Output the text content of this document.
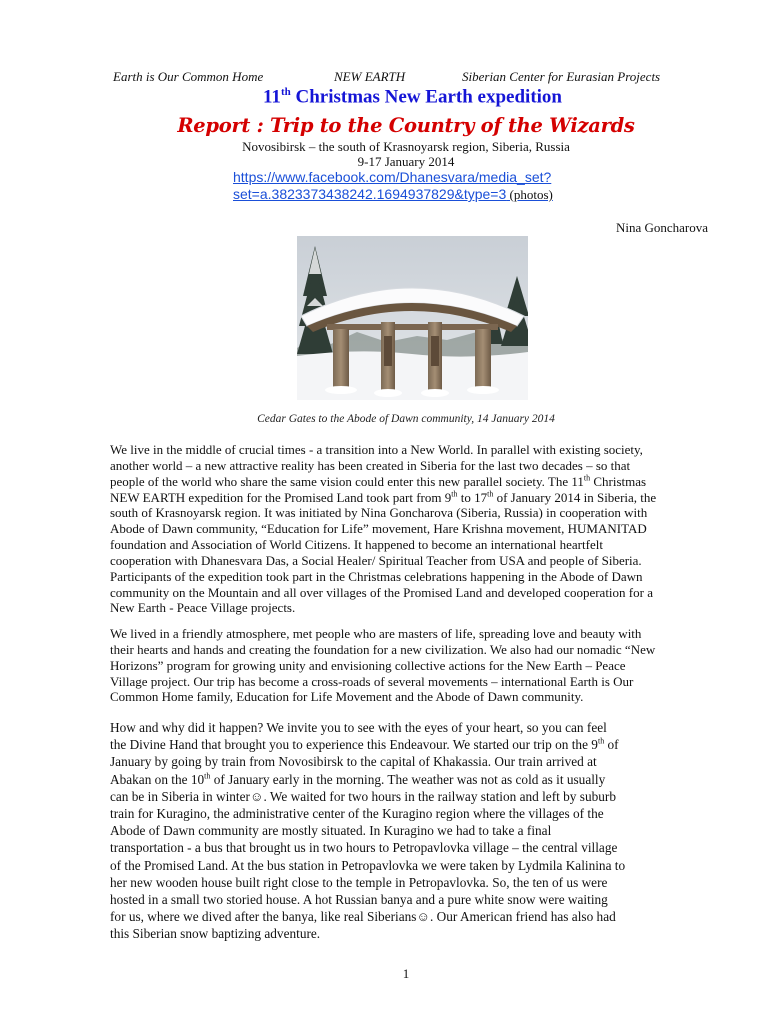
Earth is Our Common Home	NEW EARTH	Siberian Center for Eurasian Projects
11th Christmas New Earth expedition
Report : Trip to the Country of the Wizards
Novosibirsk – the south of Krasnoyarsk region, Siberia, Russia
9-17 January 2014
https://www.facebook.com/Dhanesvara/media_set?
set=a.3823373438242.1694937829&type=3 (photos)
Nina Goncharova
Cedar Gates to the Abode of Dawn community, 14 January 2014
We live in the middle of crucial times - a transition into a New World. In parallel with existing society,
another world – a new attractive reality has been created in Siberia for the last two decades – so that
people of the world who share the same vision could enter this new parallel society. The 11th Christmas
NEW EARTH expedition for the Promised Land took part from 9th to 17th of January 2014 in Siberia, the
south of Krasnoyarsk region. It was initiated by Nina Goncharova (Siberia, Russia) in cooperation with
Abode of Dawn community, “Education for Life” movement, Hare Krishna movement, HUMANITAD
foundation and Association of World Citizens. It happened to become an international heartfelt
cooperation with Dhanesvara Das, a Social Healer/ Spiritual Teacher from USA and people of Siberia.
Participants of the expedition took part in the Christmas celebrations happening in the Abode of Dawn
community on the Mountain and all over villages of the Promised Land and developed cooperation for a
New Earth - Peace Village projects.
We lived in a friendly atmosphere, met people who are masters of life, spreading love and beauty with
their hearts and hands and creating the foundation for a new civilization. We also had our nomadic “New
Horizons” program for growing unity and envisioning collective actions for the New Earth – Peace
Village project. Our trip has become a cross-roads of several movements – international Earth is Our
Common Home family, Education for Life Movement and the Abode of Dawn community.
How and why did it happen? We invite you to see with the eyes of your heart, so you can feel
the Divine Hand that brought you to experience this Endeavour. We started our trip on the 9th of
January by going by train from Novosibirsk to the capital of Khakassia. Our train arrived at
Abakan on the 10th of January early in the morning. The weather was not as cold as it usually
can be in Siberia in winter☺. We waited for two hours in the railway station and left by suburb
train for Kuragino, the administrative center of the Kuragino region where the villages of the
Abode of Dawn community are mostly situated. In Kuragino we had to take a final
transportation - a bus that brought us in two hours to Petropavlovka village – the central village
of the Promised Land. At the bus station in Petropavlovka we were taken by Lydmila Kalinina to
her new wooden house built right close to the temple in Petropavlovka. So, the ten of us were
hosted in a small two storied house. A hot Russian banya and a pure white snow were waiting
for us, where we dived after the banya, like real Siberians☺. Our American friend has also had
this Siberian snow baptizing adventure.
1
